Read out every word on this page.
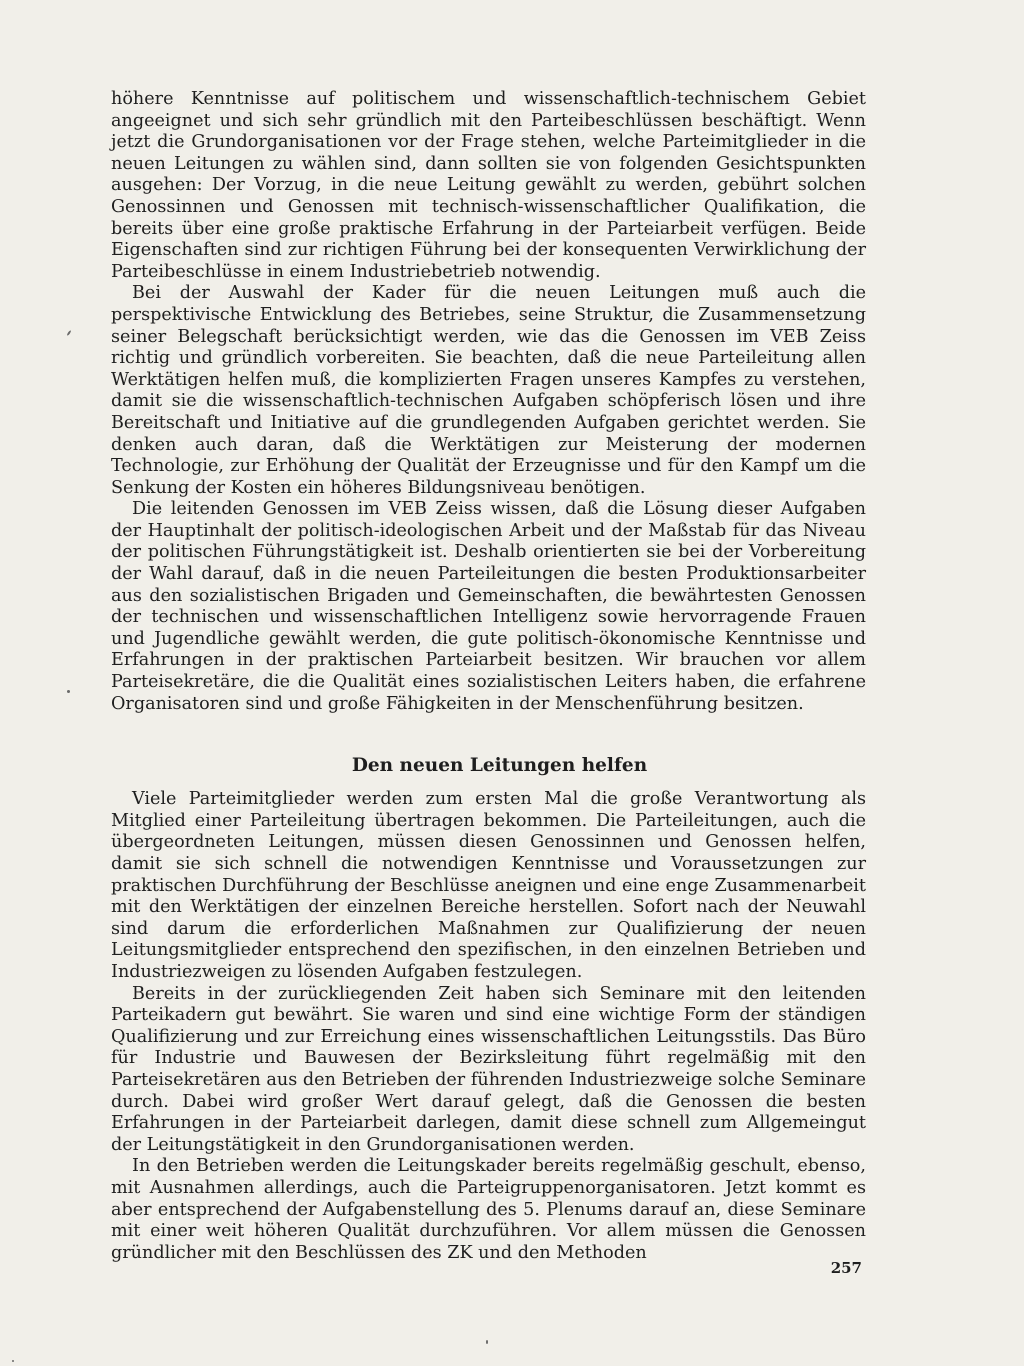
höhere Kenntnisse auf politischem und wissenschaftlich-technischem Gebiet angeeignet und sich sehr gründlich mit den Parteibeschlüssen beschäftigt. Wenn jetzt die Grundorganisationen vor der Frage stehen, welche Parteimitglieder in die neuen Leitungen zu wählen sind, dann sollten sie von folgenden Gesichtspunkten ausgehen: Der Vorzug, in die neue Leitung gewählt zu werden, gebührt solchen Genossinnen und Genossen mit technisch-wissenschaftlicher Qualifikation, die bereits über eine große praktische Erfahrung in der Parteiarbeit verfügen. Beide Eigenschaften sind zur richtigen Führung bei der konsequenten Verwirklichung der Parteibeschlüsse in einem Industriebetrieb notwendig.

Bei der Auswahl der Kader für die neuen Leitungen muß auch die perspektivische Entwicklung des Betriebes, seine Struktur, die Zusammensetzung seiner Belegschaft berücksichtigt werden, wie das die Genossen im VEB Zeiss richtig und gründlich vorbereiten. Sie beachten, daß die neue Parteileitung allen Werktätigen helfen muß, die komplizierten Fragen unseres Kampfes zu verstehen, damit sie die wissenschaftlich-technischen Aufgaben schöpferisch lösen und ihre Bereitschaft und Initiative auf die grundlegenden Aufgaben gerichtet werden. Sie denken auch daran, daß die Werktätigen zur Meisterung der modernen Technologie, zur Erhöhung der Qualität der Erzeugnisse und für den Kampf um die Senkung der Kosten ein höheres Bildungsniveau benötigen.

Die leitenden Genossen im VEB Zeiss wissen, daß die Lösung dieser Aufgaben der Hauptinhalt der politisch-ideologischen Arbeit und der Maßstab für das Niveau der politischen Führungstätigkeit ist. Deshalb orientierten sie bei der Vorbereitung der Wahl darauf, daß in die neuen Parteileitungen die besten Produktionsarbeiter aus den sozialistischen Brigaden und Gemeinschaften, die bewährtesten Genossen der technischen und wissenschaftlichen Intelligenz sowie hervorragende Frauen und Jugendliche gewählt werden, die gute politisch-ökonomische Kenntnisse und Erfahrungen in der praktischen Parteiarbeit besitzen. Wir brauchen vor allem Parteisekretäre, die die Qualität eines sozialistischen Leiters haben, die erfahrene Organisatoren sind und große Fähigkeiten in der Menschenführung besitzen.

Den neuen Leitungen helfen

Viele Parteimitglieder werden zum ersten Mal die große Verantwortung als Mitglied einer Parteileitung übertragen bekommen. Die Parteileitungen, auch die übergeordneten Leitungen, müssen diesen Genossinnen und Genossen helfen, damit sie sich schnell die notwendigen Kenntnisse und Voraussetzungen zur praktischen Durchführung der Beschlüsse aneignen und eine enge Zusammenarbeit mit den Werktätigen der einzelnen Bereiche herstellen. Sofort nach der Neuwahl sind darum die erforderlichen Maßnahmen zur Qualifizierung der neuen Leitungsmitglieder entsprechend den spezifischen, in den einzelnen Betrieben und Industriezweigen zu lösenden Aufgaben festzulegen.

Bereits in der zurückliegenden Zeit haben sich Seminare mit den leitenden Parteikadern gut bewährt. Sie waren und sind eine wichtige Form der ständigen Qualifizierung und zur Erreichung eines wissenschaftlichen Leitungsstils. Das Büro für Industrie und Bauwesen der Bezirksleitung führt regelmäßig mit den Parteisekretären aus den Betrieben der führenden Industriezweige solche Seminare durch. Dabei wird großer Wert darauf gelegt, daß die Genossen die besten Erfahrungen in der Parteiarbeit darlegen, damit diese schnell zum Allgemeingut der Leitungstätigkeit in den Grundorganisationen werden.

In den Betrieben werden die Leitungskader bereits regelmäßig geschult, ebenso, mit Ausnahmen allerdings, auch die Parteigruppenorganisatoren. Jetzt kommt es aber entsprechend der Aufgabenstellung des 5. Plenums darauf an, diese Seminare mit einer weit höheren Qualität durchzuführen. Vor allem müssen die Genossen gründlicher mit den Beschlüssen des ZK und den Methoden

257
